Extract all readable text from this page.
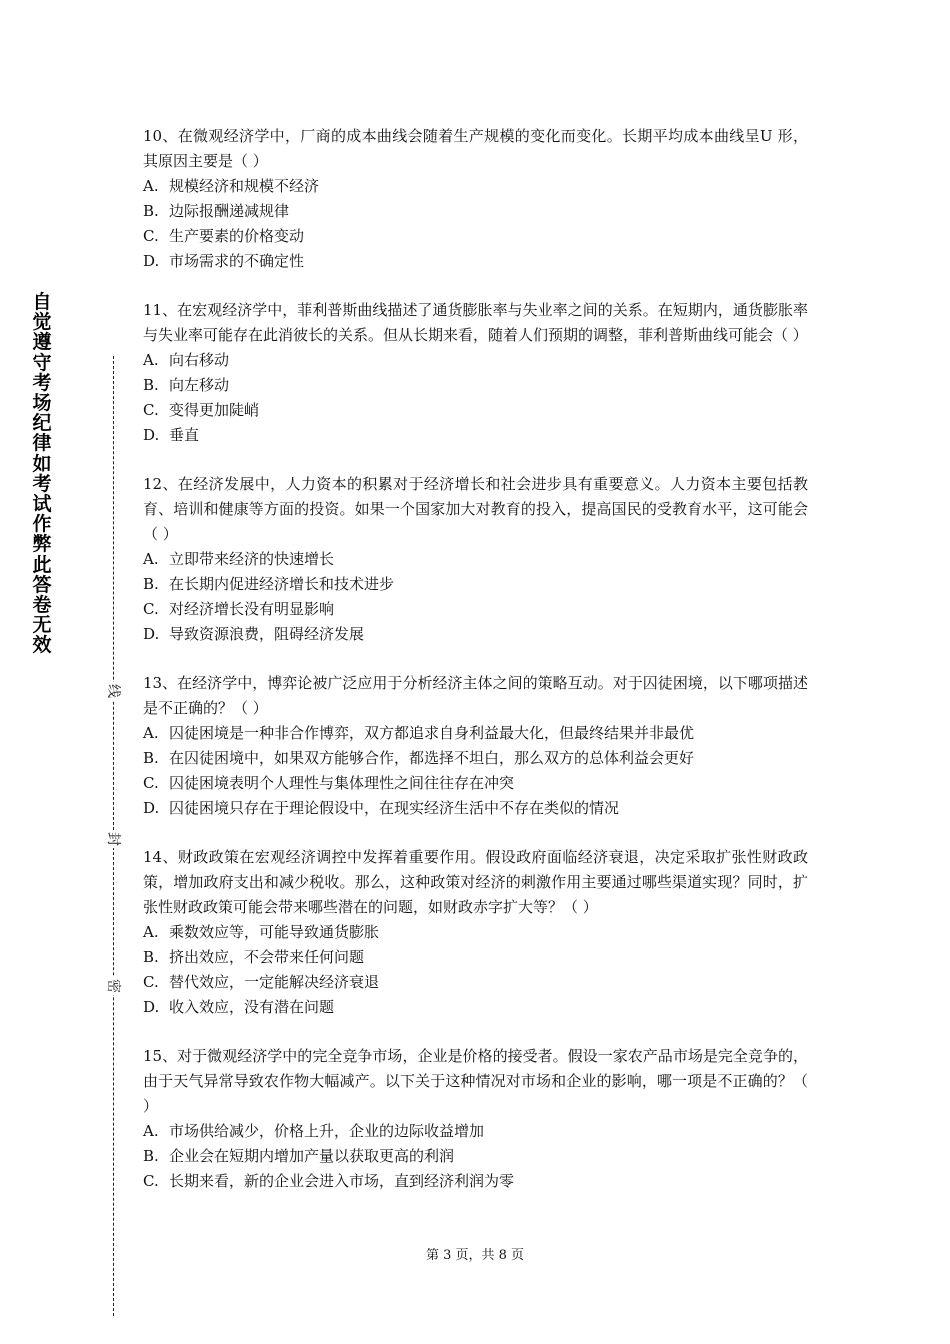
自觉遵守考场纪律如考试作弊此答卷无效
线
封
密
10、在微观经济学中，厂商的成本曲线会随着生产规模的变化而变化。长期平均成本曲线呈U 形，其原因主要是（ ）
A. 规模经济和规模不经济
B. 边际报酬递减规律
C. 生产要素的价格变动
D. 市场需求的不确定性
11、在宏观经济学中，菲利普斯曲线描述了通货膨胀率与失业率之间的关系。在短期内，通货膨胀率与失业率可能存在此消彼长的关系。但从长期来看，随着人们预期的调整，菲利普斯曲线可能会（ ）
A. 向右移动
B. 向左移动
C. 变得更加陡峭
D. 垂直
12、在经济发展中，人力资本的积累对于经济增长和社会进步具有重要意义。人力资本主要包括教育、培训和健康等方面的投资。如果一个国家加大对教育的投入，提高国民的受教育水平，这可能会（ ）
A. 立即带来经济的快速增长
B. 在长期内促进经济增长和技术进步
C. 对经济增长没有明显影响
D. 导致资源浪费，阻碍经济发展
13、在经济学中，博弈论被广泛应用于分析经济主体之间的策略互动。对于囚徒困境，以下哪项描述是不正确的？（ ）
A. 囚徒困境是一种非合作博弈，双方都追求自身利益最大化，但最终结果并非最优
B. 在囚徒困境中，如果双方能够合作，都选择不坦白，那么双方的总体利益会更好
C. 囚徒困境表明个人理性与集体理性之间往往存在冲突
D. 囚徒困境只存在于理论假设中，在现实经济生活中不存在类似的情况
14、财政政策在宏观经济调控中发挥着重要作用。假设政府面临经济衰退，决定采取扩张性财政政策，增加政府支出和减少税收。那么，这种政策对经济的刺激作用主要通过哪些渠道实现？同时，扩张性财政政策可能会带来哪些潜在的问题，如财政赤字扩大等？（ ）
A. 乘数效应等，可能导致通货膨胀
B. 挤出效应，不会带来任何问题
C. 替代效应，一定能解决经济衰退
D. 收入效应，没有潜在问题
15、对于微观经济学中的完全竞争市场，企业是价格的接受者。假设一家农产品市场是完全竞争的，由于天气异常导致农作物大幅减产。以下关于这种情况对市场和企业的影响，哪一项是不正确的？（ ）
A. 市场供给减少，价格上升，企业的边际收益增加
B. 企业会在短期内增加产量以获取更高的利润
C. 长期来看，新的企业会进入市场，直到经济利润为零
第 3 页，共 8 页
